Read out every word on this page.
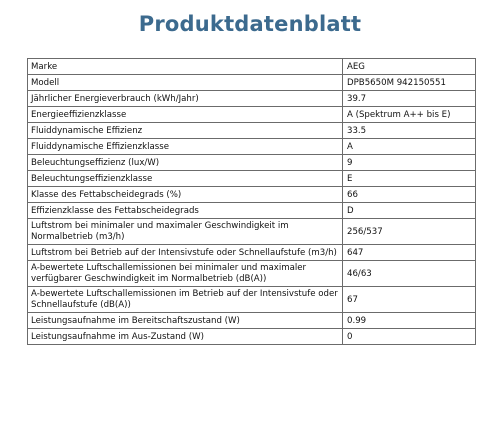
Produktdatenblatt
Marke	AEG
Modell	DPB5650M 942150551
Jährlicher Energieverbrauch (kWh/Jahr)	39.7
Energieeffizienzklasse	A (Spektrum A++ bis E)
Fluiddynamische Effizienz	33.5
Fluiddynamische Effizienzklasse	A
Beleuchtungseffizienz (lux/W)	9
Beleuchtungseffizienzklasse	E
Klasse des Fettabscheidegrads (%)	66
Effizienzklasse des Fettabscheidegrads	D
Luftstrom bei minimaler und maximaler Geschwindigkeit im Normalbetrieb (m3/h)	256/537
Luftstrom bei Betrieb auf der Intensivstufe oder Schnellaufstufe (m3/h)	647
A-bewertete Luftschallemissionen bei minimaler und maximaler verfügbarer Geschwindigkeit im Normalbetrieb (dB(A))	46/63
A-bewertete Luftschallemissionen im Betrieb auf der Intensivstufe oder Schnellaufstufe (dB(A))	67
Leistungsaufnahme im Bereitschaftszustand (W)	0.99
Leistungsaufnahme im Aus-Zustand (W)	0
